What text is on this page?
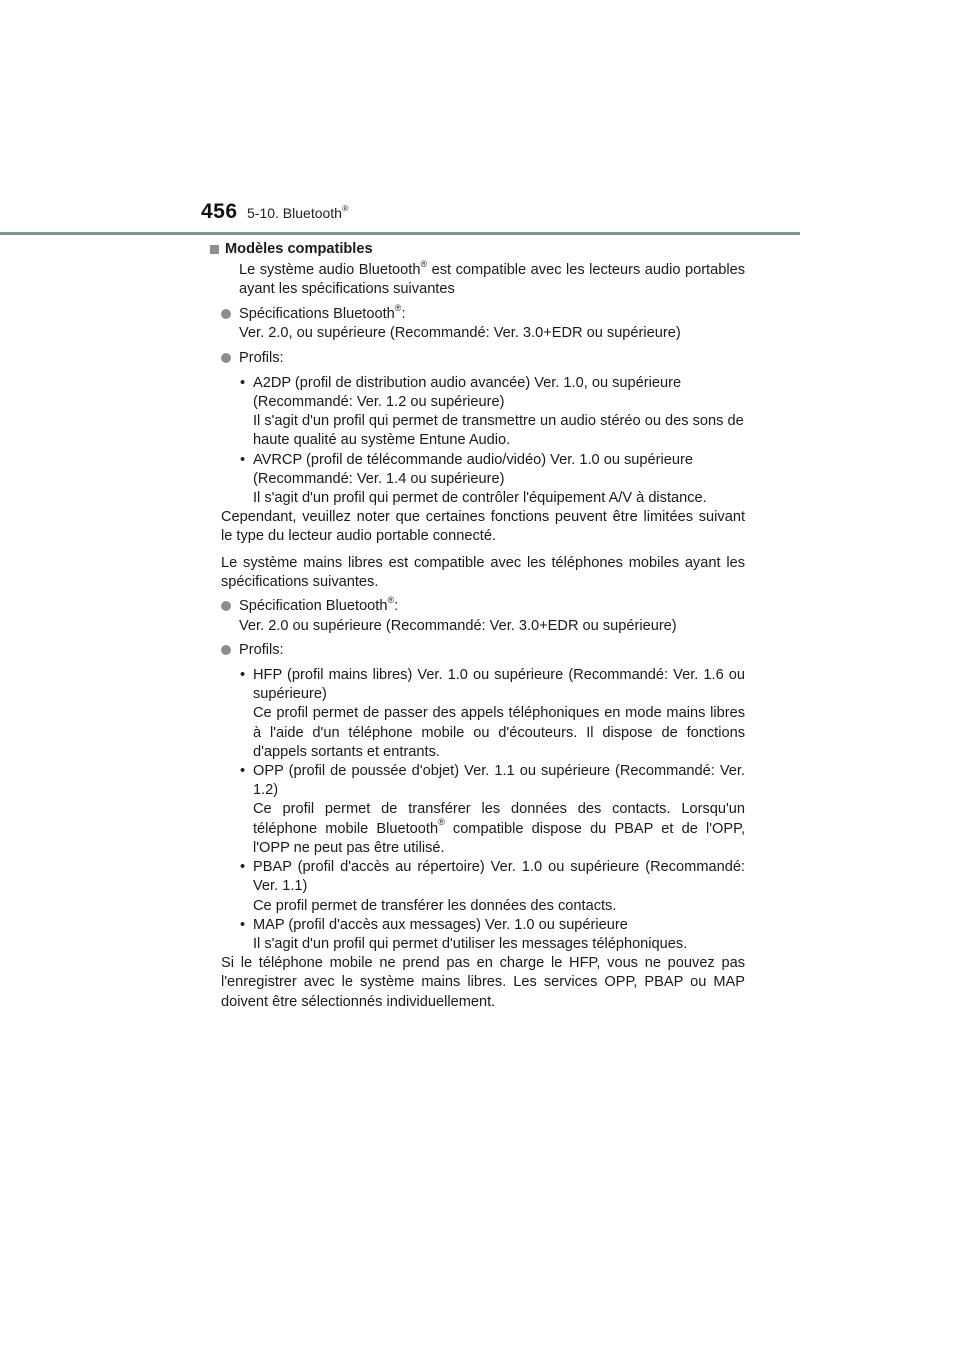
456 5-10. Bluetooth®

Modèles compatibles

Le système audio Bluetooth® est compatible avec les lecteurs audio portables ayant les spécifications suivantes

Spécifications Bluetooth®:
Ver. 2.0, ou supérieure (Recommandé: Ver. 3.0+EDR ou supérieure)

Profils:

• A2DP (profil de distribution audio avancée) Ver. 1.0, ou supérieure
(Recommandé: Ver. 1.2 ou supérieure)
Il s'agit d'un profil qui permet de transmettre un audio stéréo ou des sons de haute qualité au système Entune Audio.

• AVRCP (profil de télécommande audio/vidéo) Ver. 1.0 ou supérieure
(Recommandé: Ver. 1.4 ou supérieure)
Il s'agit d'un profil qui permet de contrôler l'équipement A/V à distance.

Cependant, veuillez noter que certaines fonctions peuvent être limitées suivant le type du lecteur audio portable connecté.

Le système mains libres est compatible avec les téléphones mobiles ayant les spécifications suivantes.

Spécification Bluetooth®:
Ver. 2.0 ou supérieure (Recommandé: Ver. 3.0+EDR ou supérieure)

Profils:

• HFP (profil mains libres) Ver. 1.0 ou supérieure (Recommandé: Ver. 1.6 ou supérieure)
Ce profil permet de passer des appels téléphoniques en mode mains libres à l'aide d'un téléphone mobile ou d'écouteurs. Il dispose de fonctions d'appels sortants et entrants.

• OPP (profil de poussée d'objet) Ver. 1.1 ou supérieure (Recommandé: Ver. 1.2)
Ce profil permet de transférer les données des contacts. Lorsqu'un téléphone mobile Bluetooth® compatible dispose du PBAP et de l'OPP, l'OPP ne peut pas être utilisé.

• PBAP (profil d'accès au répertoire) Ver. 1.0 ou supérieure (Recommandé: Ver. 1.1)
Ce profil permet de transférer les données des contacts.

• MAP (profil d'accès aux messages) Ver. 1.0 ou supérieure
Il s'agit d'un profil qui permet d'utiliser les messages téléphoniques.

Si le téléphone mobile ne prend pas en charge le HFP, vous ne pouvez pas l'enregistrer avec le système mains libres. Les services OPP, PBAP ou MAP doivent être sélectionnés individuellement.
